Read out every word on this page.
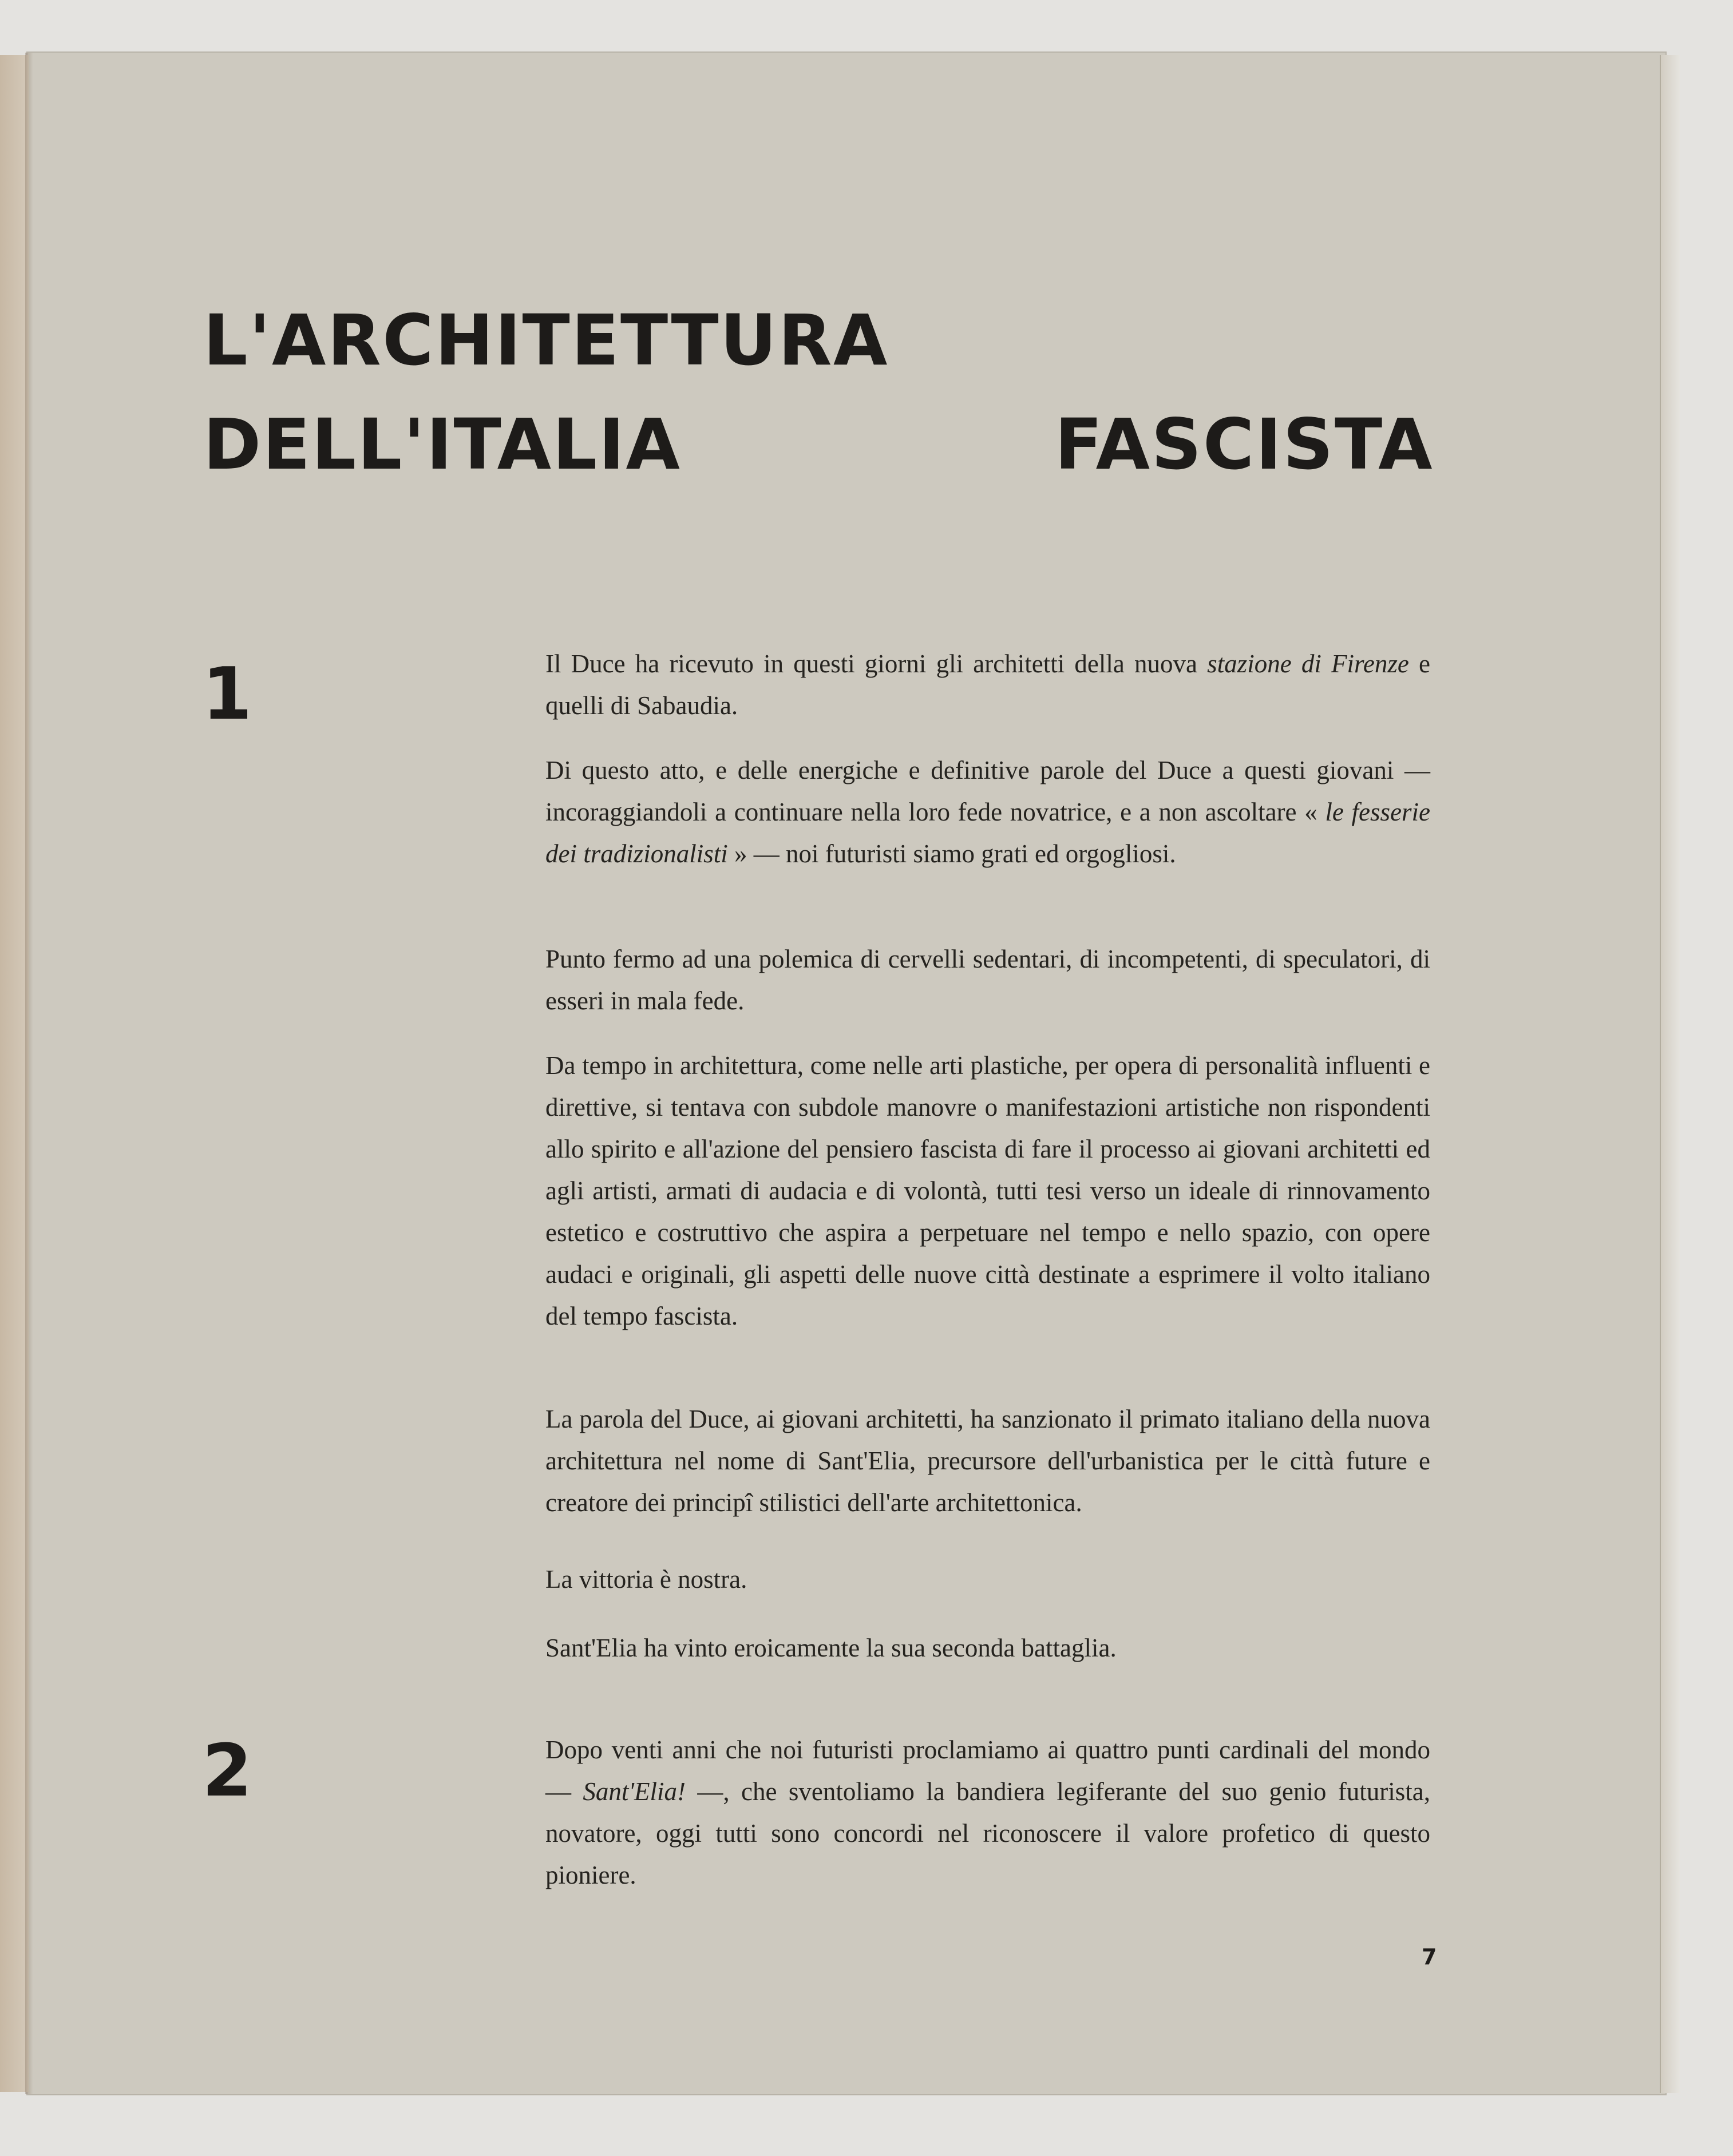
L'ARCHITETTURA
DELL'ITALIA FASCISTA
1	Il Duce ha ricevuto in questi giorni gli architetti della nuova stazione di Firenze e quelli di Sabaudia.

Di questo atto, e delle energiche e definitive parole del Duce a questi giovani — incoraggiandoli a continuare nella loro fede novatrice, e a non ascoltare « le fesserie dei tradizionalisti » — noi futuristi siamo grati ed orgogliosi.

Punto fermo ad una polemica di cervelli sedentari, di incompetenti, di speculatori, di esseri in mala fede.

Da tempo in architettura, come nelle arti plastiche, per opera di personalità influenti e direttive, si tentava con subdole manovre o manifestazioni artistiche non rispondenti allo spirito e all'azione del pensiero fascista di fare il processo ai giovani architetti ed agli artisti, armati di audacia e di volontà, tutti tesi verso un ideale di rinnovamento estetico e costruttivo che aspira a perpetuare nel tempo e nello spazio, con opere audaci e originali, gli aspetti delle nuove città destinate a esprimere il volto italiano del tempo fascista.

La parola del Duce, ai giovani architetti, ha sanzionato il primato italiano della nuova architettura nel nome di Sant'Elia, precursore dell'urbanistica per le città future e creatore dei principî stilistici dell'arte architettonica.

La vittoria è nostra.

Sant'Elia ha vinto eroicamente la sua seconda battaglia.

2	Dopo venti anni che noi futuristi proclamiamo ai quattro punti cardinali del mondo — Sant'Elia! —, che sventoliamo la bandiera legiferante del suo genio futurista, novatore, oggi tutti sono concordi nel riconoscere il valore profetico di questo pioniere.

7
